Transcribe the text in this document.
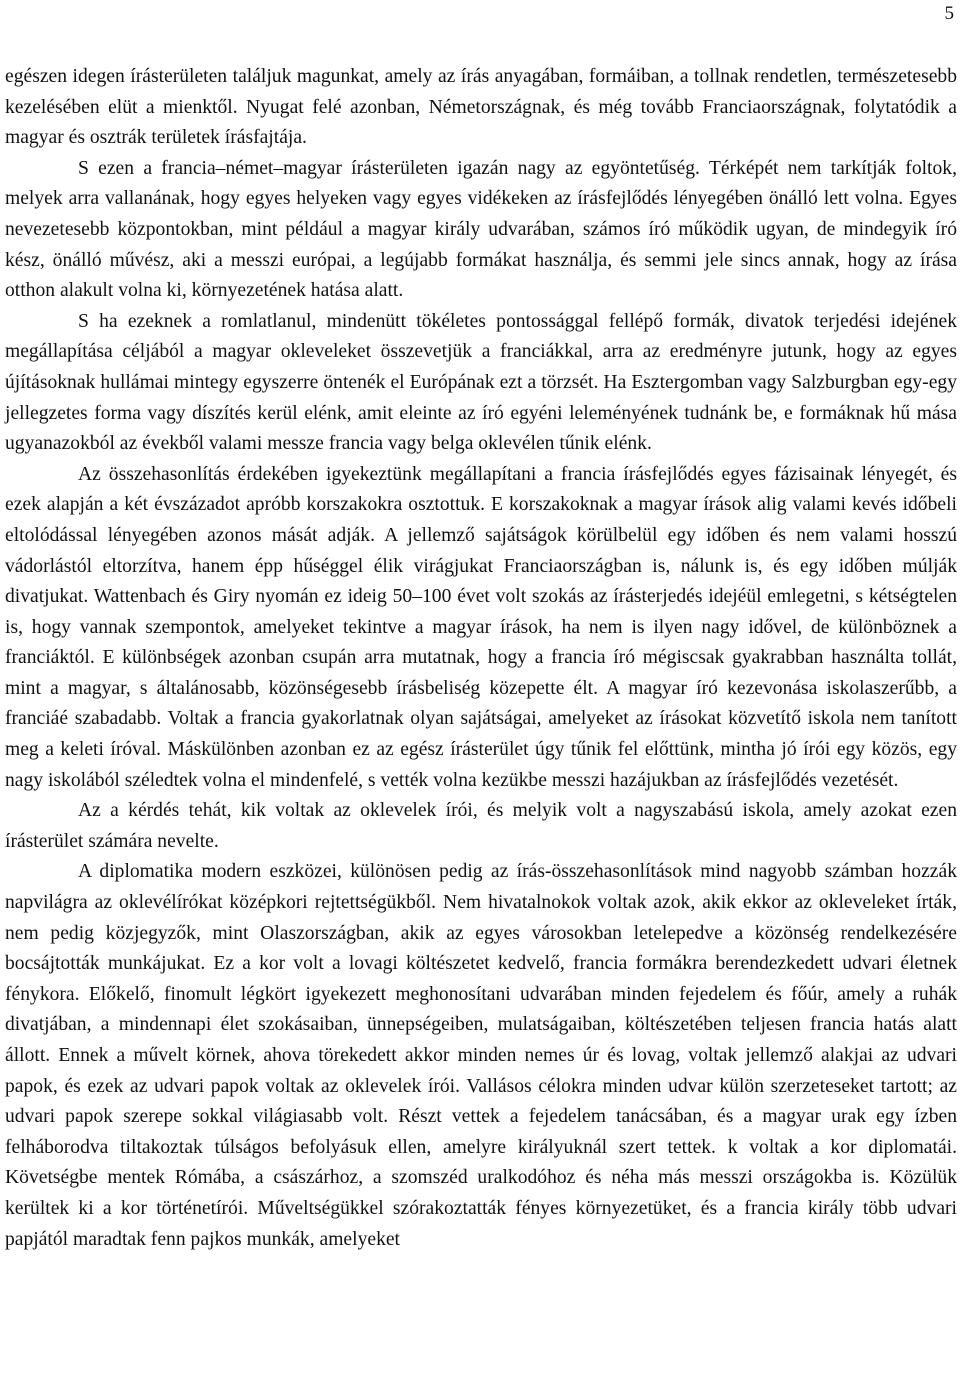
5

egészen idegen írásterületen találjuk magunkat, amely az írás anyagában, formáiban, a tollnak rendetlen, természetesebb kezelésében elüt a mienktől. Nyugat felé azonban, Németországnak, és még tovább Franciaországnak, folytatódik a magyar és osztrák területek írásfajtája.

S ezen a francia–német–magyar írásterületen igazán nagy az egyöntetűség. Térképét nem tarkítják foltok, melyek arra vallanának, hogy egyes helyeken vagy egyes vidékeken az írásfejlődés lényegében önálló lett volna. Egyes nevezetesebb központokban, mint például a magyar király udvarában, számos író működik ugyan, de mindegyik író kész, önálló művész, aki a messzi európai, a legújabb formákat használja, és semmi jele sincs annak, hogy az írása otthon alakult volna ki, környezetének hatása alatt.

S ha ezeknek a romlatlanul, mindenütt tökéletes pontossággal fellépő formák, divatok terjedési idejének megállapítása céljából a magyar okleveleket összevetjük a franciákkal, arra az eredményre jutunk, hogy az egyes újításoknak hullámai mintegy egyszerre öntenék el Európának ezt a törzsét. Ha Esztergomban vagy Salzburgban egy-egy jellegzetes forma vagy díszítés kerül elénk, amit eleinte az író egyéni leleményének tudnánk be, e formáknak hű mása ugyanazokból az évekből valami messze francia vagy belga oklevélen tűnik elénk.

Az összehasonlítás érdekében igyekeztünk megállapítani a francia írásfejlődés egyes fázisainak lényegét, és ezek alapján a két évszázadot apróbb korszakokra osztottuk. E korszakoknak a magyar írások alig valami kevés időbeli eltolódással lényegében azonos mását adják. A jellemző sajátságok körülbelül egy időben és nem valami hosszú vádorlástól eltorzítva, hanem épp hűséggel élik virágjukat Franciaországban is, nálunk is, és egy időben múlják divatjukat. Wattenbach és Giry nyomán ez ideig 50–100 évet volt szokás az írásterjedés idejéül emlegetni, s kétségtelen is, hogy vannak szempontok, amelyeket tekintve a magyar írások, ha nem is ilyen nagy idővel, de különböznek a franciáktól. E különbségek azonban csupán arra mutatnak, hogy a francia író mégiscsak gyakrabban használta tollát, mint a magyar, s általánosabb, közönségesebb írásbeliség közepette élt. A magyar író kezevonása iskolaszerűbb, a franciáé szabadabb. Voltak a francia gyakorlatnak olyan sajátságai, amelyeket az írásokat közvetítő iskola nem tanított meg a keleti íróval. Máskülönben azonban ez az egész írásterület úgy tűnik fel előttünk, mintha jó írói egy közös, egy nagy iskolából széledtek volna el mindenfelé, s vették volna kezükbe messzi hazájukban az írásfejlődés vezetését.

Az a kérdés tehát, kik voltak az oklevelek írói, és melyik volt a nagyszabású iskola, amely azokat ezen írásterület számára nevelte.

A diplomatika modern eszközei, különösen pedig az írás-összehasonlítások mind nagyobb számban hozzák napvilágra az oklevélírókat középkori rejtettségükből. Nem hivatalnokok voltak azok, akik ekkor az okleveleket írták, nem pedig közjegyzők, mint Olaszországban, akik az egyes városokban letelepedve a közönség rendelkezésére bocsájtották munkájukat. Ez a kor volt a lovagi költészetet kedvelő, francia formákra berendezkedett udvari életnek fénykora. Előkelő, finomult légkört igyekezett meghonosítani udvarában minden fejedelem és főúr, amely a ruhák divatjában, a mindennapi élet szokásaiban, ünnepségeiben, mulatságaiban, költészetében teljesen francia hatás alatt állott. Ennek a művelt körnek, ahova törekedett akkor minden nemes úr és lovag, voltak jellemző alakjai az udvari papok, és ezek az udvari papok voltak az oklevelek írói. Vallásos célokra minden udvar külön szerzeteseket tartott; az udvari papok szerepe sokkal világiasabb volt. Részt vettek a fejedelem tanácsában, és a magyar urak egy ízben felháborodva tiltakoztak túlságos befolyásuk ellen, amelyre királyuknál szert tettek. k voltak a kor diplomatái. Követségbe mentek Rómába, a császárhoz, a szomszéd uralkodóhoz és néha más messzi országokba is. Közülük kerültek ki a kor történetírói. Műveltségükkel szórakoztatták fényes környezetüket, és a francia király több udvari papjától maradtak fenn pajkos munkák, amelyeket
